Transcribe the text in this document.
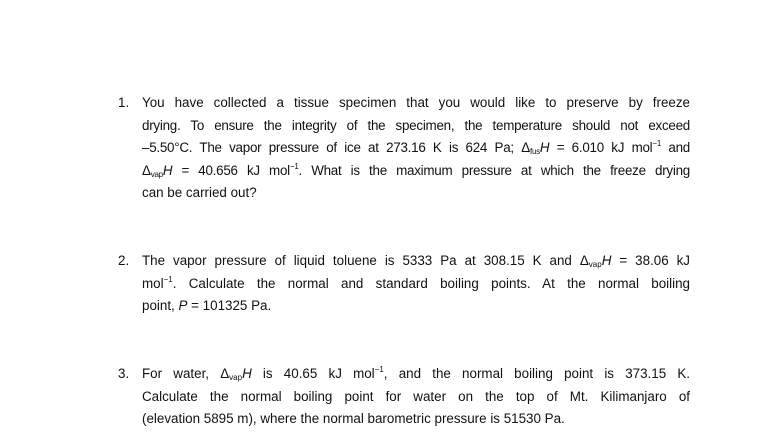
1. You have collected a tissue specimen that you would like to preserve by freeze
drying. To ensure the integrity of the specimen, the temperature should not exceed
–5.50°C. The vapor pressure of ice at 273.16 K is 624 Pa; $\Delta_{fus}H = 6.010$ kJ mol$^{-1}$ and
$\Delta_{vap}H = 40.656$ kJ mol$^{-1}$. What is the maximum pressure at which the freeze drying
can be carried out?
2. The vapor pressure of liquid toluene is 5333 Pa at 308.15 K and $\Delta_{vap}H = 38.06$ kJ
mol$^{-1}$. Calculate the normal and standard boiling points. At the normal boiling
point, P = 101325 Pa.
3. For water, $\Delta_{vap}H$ is 40.65 kJ mol$^{-1}$, and the normal boiling point is 373.15 K.
Calculate the normal boiling point for water on the top of Mt. Kilimanjaro of
(elevation 5895 m), where the normal barometric pressure is 51530 Pa.
